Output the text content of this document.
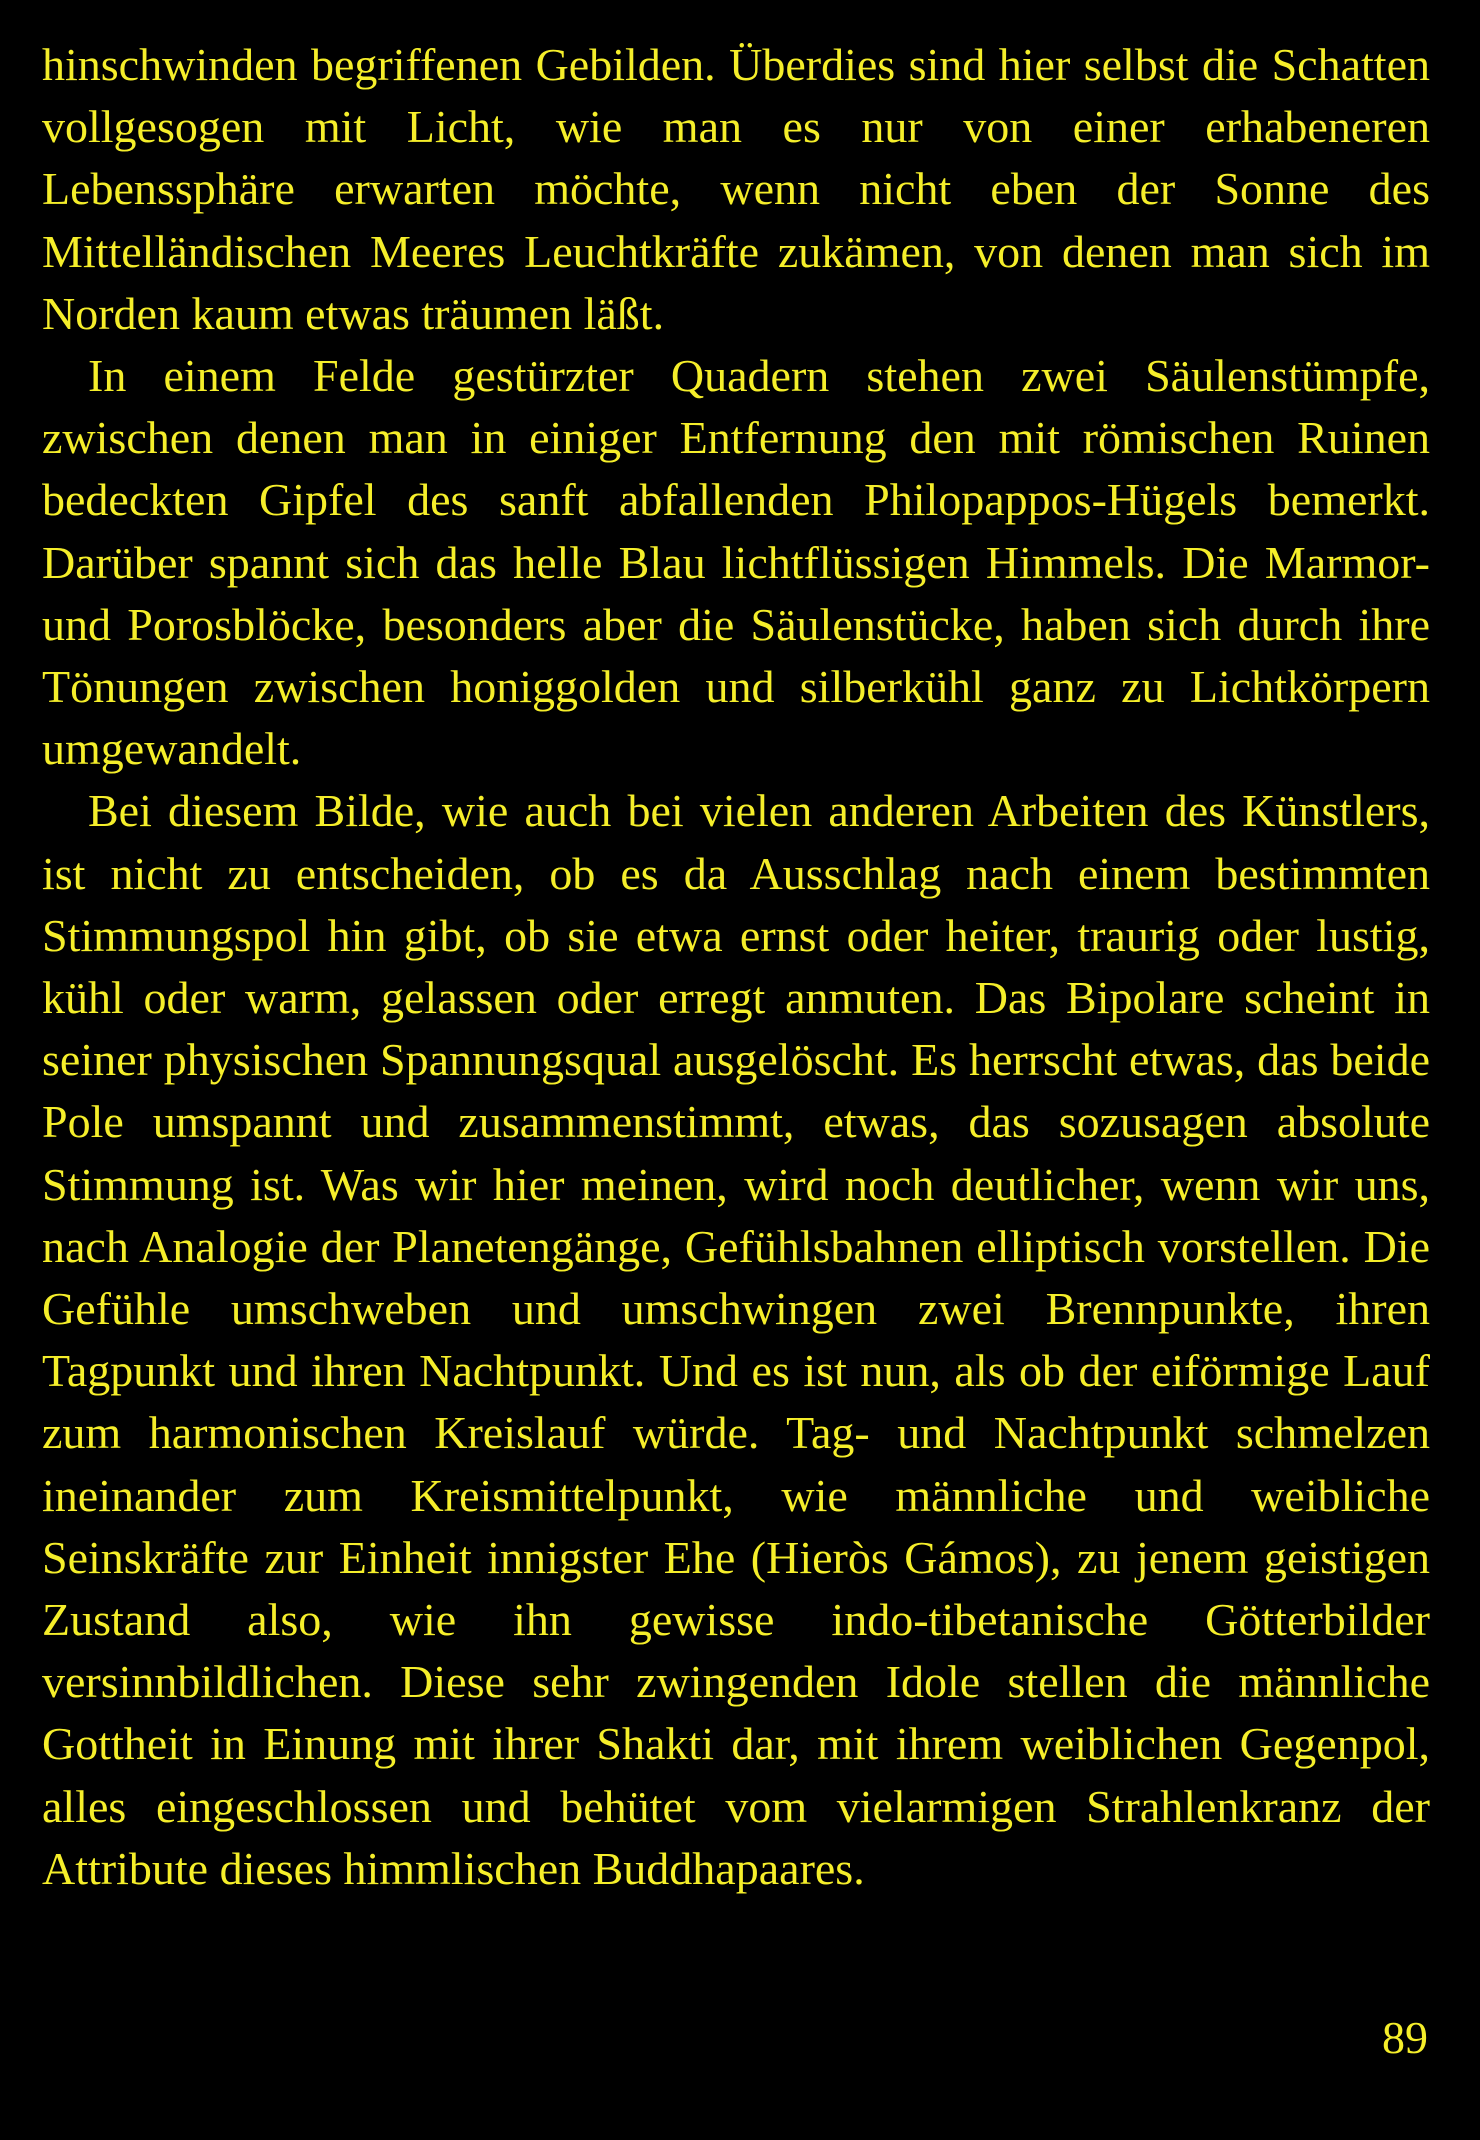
hinschwinden begriffenen Gebilden. Überdies sind hier selbst die Schatten vollgesogen mit Licht, wie man es nur von einer erhabeneren Lebenssphäre erwarten möchte, wenn nicht eben der Sonne des Mittelländischen Meeres Leuchtkräfte zukämen, von denen man sich im Norden kaum etwas träumen läßt.

In einem Felde gestürzter Quadern stehen zwei Säulenstümpfe, zwischen denen man in einiger Entfernung den mit römischen Ruinen bedeckten Gipfel des sanft abfallenden Philopappos-Hügels bemerkt. Darüber spannt sich das helle Blau lichtflüssigen Himmels. Die Marmor- und Porosblöcke, besonders aber die Säulenstücke, haben sich durch ihre Tönungen zwischen honiggolden und silberkühl ganz zu Lichtkörpern umgewandelt.

Bei diesem Bilde, wie auch bei vielen anderen Arbeiten des Künstlers, ist nicht zu entscheiden, ob es da Ausschlag nach einem bestimmten Stimmungspol hin gibt, ob sie etwa ernst oder heiter, traurig oder lustig, kühl oder warm, gelassen oder erregt anmuten. Das Bipolare scheint in seiner physischen Spannungsqual ausgelöscht. Es herrscht etwas, das beide Pole umspannt und zusammenstimmt, etwas, das sozusagen absolute Stimmung ist. Was wir hier meinen, wird noch deutlicher, wenn wir uns, nach Analogie der Planetengänge, Gefühlsbahnen elliptisch vorstellen. Die Gefühle umschweben und umschwingen zwei Brennpunkte, ihren Tagpunkt und ihren Nachtpunkt. Und es ist nun, als ob der eiförmige Lauf zum harmonischen Kreislauf würde. Tag- und Nachtpunkt schmelzen ineinander zum Kreismittelpunkt, wie männliche und weibliche Seinskräfte zur Einheit innigster Ehe (Hieròs Gámos), zu jenem geistigen Zustand also, wie ihn gewisse indo-tibetanische Götterbilder versinnbildlichen. Diese sehr zwingenden Idole stellen die männliche Gottheit in Einung mit ihrer Shakti dar, mit ihrem weiblichen Gegenpol, alles eingeschlossen und behütet vom vielarmigen Strahlenkranz der Attribute dieses himmlischen Buddhapaares.

89
